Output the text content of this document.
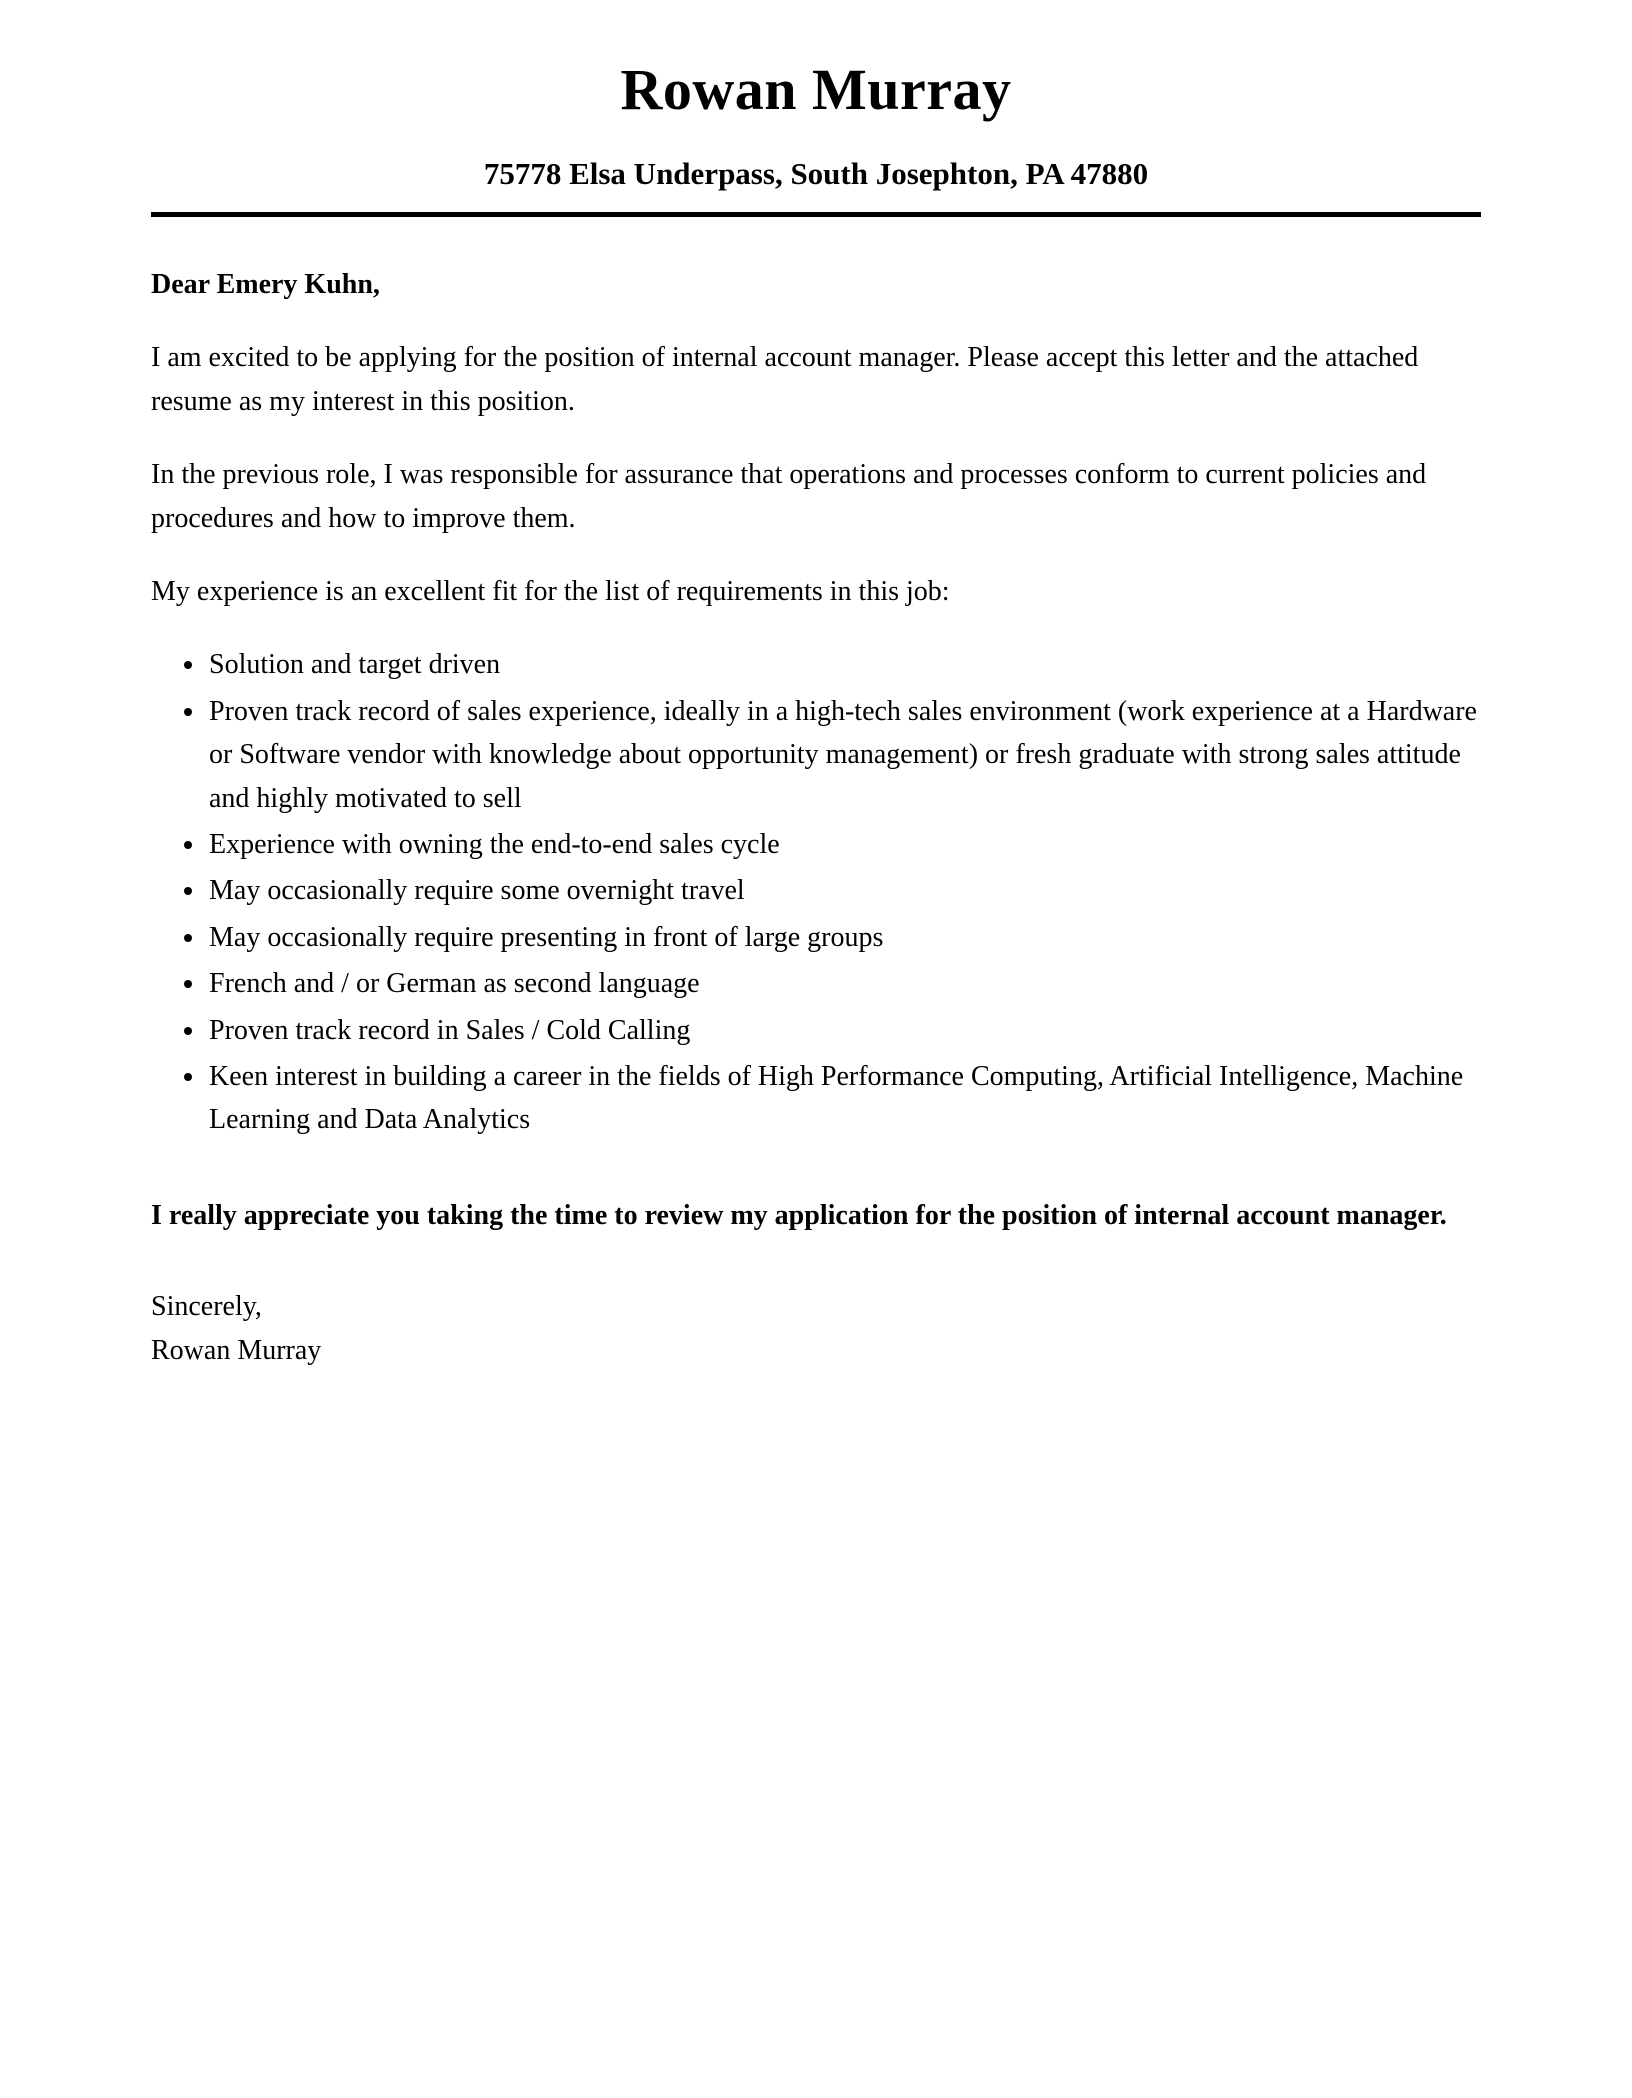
Rowan Murray
75778 Elsa Underpass, South Josephton, PA 47880

Dear Emery Kuhn,

I am excited to be applying for the position of internal account manager. Please accept this letter and the attached resume as my interest in this position.

In the previous role, I was responsible for assurance that operations and processes conform to current policies and procedures and how to improve them.

My experience is an excellent fit for the list of requirements in this job:

• Solution and target driven
• Proven track record of sales experience, ideally in a high-tech sales environment (work experience at a Hardware or Software vendor with knowledge about opportunity management) or fresh graduate with strong sales attitude and highly motivated to sell
• Experience with owning the end-to-end sales cycle
• May occasionally require some overnight travel
• May occasionally require presenting in front of large groups
• French and / or German as second language
• Proven track record in Sales / Cold Calling
• Keen interest in building a career in the fields of High Performance Computing, Artificial Intelligence, Machine Learning and Data Analytics

I really appreciate you taking the time to review my application for the position of internal account manager.

Sincerely,

Rowan Murray
